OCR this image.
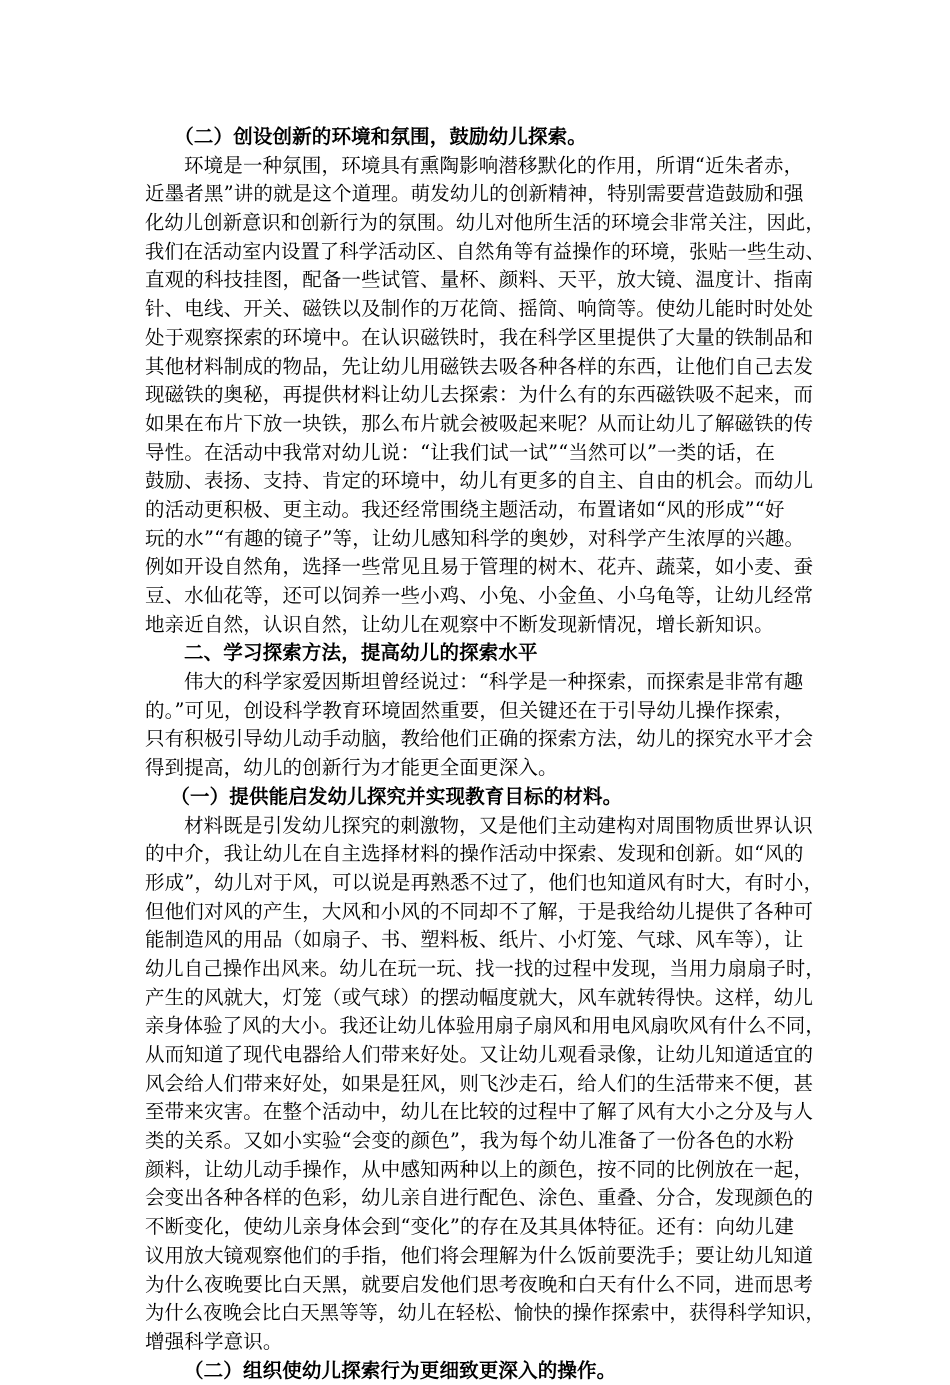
（二）创设创新的环境和氛围，鼓励幼儿探索。
环境是一种氛围，环境具有熏陶影响潜移默化的作用，所谓“近朱者赤，
近墨者黑”讲的就是这个道理。萌发幼儿的创新精神，特别需要营造鼓励和强
化幼儿创新意识和创新行为的氛围。幼儿对他所生活的环境会非常关注，因此，
我们在活动室内设置了科学活动区、自然角等有益操作的环境，张贴一些生动、
直观的科技挂图，配备一些试管、量杯、颜料、天平，放大镜、温度计、指南
针、电线、开关、磁铁以及制作的万花筒、摇筒、响筒等。使幼儿能时时处处
处于观察探索的环境中。在认识磁铁时，我在科学区里提供了大量的铁制品和
其他材料制成的物品，先让幼儿用磁铁去吸各种各样的东西，让他们自己去发
现磁铁的奥秘，再提供材料让幼儿去探索：为什么有的东西磁铁吸不起来，而
如果在布片下放一块铁，那么布片就会被吸起来呢？从而让幼儿了解磁铁的传
导性。在活动中我常对幼儿说：“让我们试一试”“当然可以”一类的话，在
鼓励、表扬、支持、肯定的环境中，幼儿有更多的自主、自由的机会。而幼儿
的活动更积极、更主动。我还经常围绕主题活动，布置诸如“风的形成”“好
玩的水”“有趣的镜子”等，让幼儿感知科学的奥妙，对科学产生浓厚的兴趣。
例如开设自然角，选择一些常见且易于管理的树木、花卉、蔬菜，如小麦、蚕
豆、水仙花等，还可以饲养一些小鸡、小兔、小金鱼、小乌龟等，让幼儿经常
地亲近自然，认识自然，让幼儿在观察中不断发现新情况，增长新知识。
二、学习探索方法，提高幼儿的探索水平
伟大的科学家爱因斯坦曾经说过：“科学是一种探索，而探索是非常有趣
的。”可见，创设科学教育环境固然重要，但关键还在于引导幼儿操作探索，
只有积极引导幼儿动手动脑，教给他们正确的探索方法，幼儿的探究水平才会
得到提高，幼儿的创新行为才能更全面更深入。
（一）提供能启发幼儿探究并实现教育目标的材料。
材料既是引发幼儿探究的刺激物，又是他们主动建构对周围物质世界认识
的中介，我让幼儿在自主选择材料的操作活动中探索、发现和创新。如“风的
形成”，幼儿对于风，可以说是再熟悉不过了，他们也知道风有时大，有时小，
但他们对风的产生，大风和小风的不同却不了解，于是我给幼儿提供了各种可
能制造风的用品（如扇子、书、塑料板、纸片、小灯笼、气球、风车等），让
幼儿自己操作出风来。幼儿在玩一玩、找一找的过程中发现，当用力扇扇子时，
产生的风就大，灯笼（或气球）的摆动幅度就大，风车就转得快。这样，幼儿
亲身体验了风的大小。我还让幼儿体验用扇子扇风和用电风扇吹风有什么不同，
从而知道了现代电器给人们带来好处。又让幼儿观看录像，让幼儿知道适宜的
风会给人们带来好处，如果是狂风，则飞沙走石，给人们的生活带来不便，甚
至带来灾害。在整个活动中，幼儿在比较的过程中了解了风有大小之分及与人
类的关系。又如小实验“会变的颜色”，我为每个幼儿准备了一份各色的水粉
颜料，让幼儿动手操作，从中感知两种以上的颜色，按不同的比例放在一起，
会变出各种各样的色彩，幼儿亲自进行配色、涂色、重叠、分合，发现颜色的
不断变化，使幼儿亲身体会到“变化”的存在及其具体特征。还有：向幼儿建
议用放大镜观察他们的手指，他们将会理解为什么饭前要洗手；要让幼儿知道
为什么夜晚要比白天黑，就要启发他们思考夜晚和白天有什么不同，进而思考
为什么夜晚会比白天黑等等，幼儿在轻松、愉快的操作探索中，获得科学知识，
增强科学意识。
（二）组织使幼儿探索行为更细致更深入的操作。
